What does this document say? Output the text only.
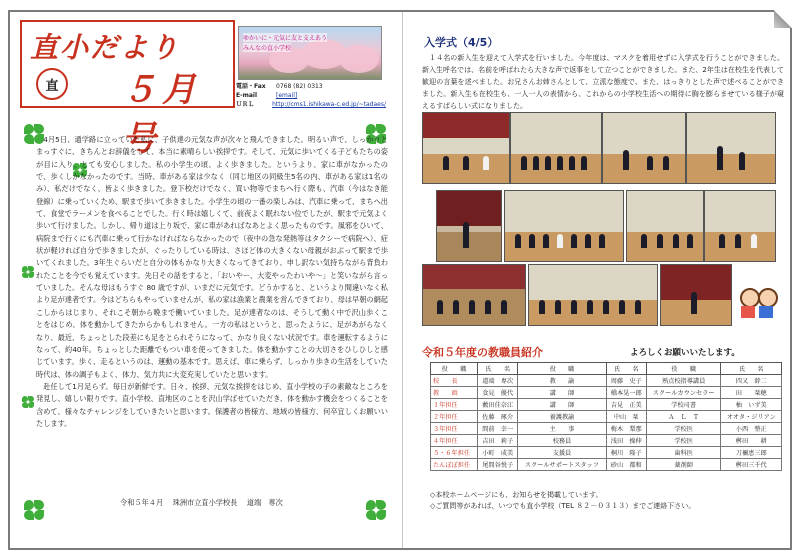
直小だより
直 ５月号
ゆかいに・元気に友と支えあう
みんなの直小学校
電話・Fax	0768 (82) 0313
E-mail	[email]
ＵＲＬ	http://cms1.ishikawa-c.ed.jp/~tadaes/

4月5日、通学路に立っていた私に、子供達の元気な声が次々と飛んできました。明るい声で、しっかりとまっすぐに、きちんとお辞儀をして、本当に素晴らしい挨拶です。そして、元気に歩いてくる子どもたちの姿が目に入り、とても安心しました。私の小学生の頃、よく歩きました。というより、家に車がなかったので、歩くしかなかったのです。当時、車がある家は少なく（同じ地区の同級生5名の内、車がある家は1名のみ）、私だけでなく、皆よく歩きました。登下校だけでなく、買い物等でまちへ行く際も、汽車（今はなき能登線）に乗っていくため、駅まで歩いて歩きました。小学生の頃の一番の楽しみは、汽車に乗って、まちへ出て、食堂でラーメンを食べることでした。行く時は嬉しくて、前夜よく眠れない位でしたが、駅まで元気よく歩いて行けました。しかし、帰り道は上り坂で、家に車があればなあとよく思ったものです。風邪をひいて、病院まで行くにも汽車に乗って行かなければならなかったので（夜中の急な発熱等はタクシーで病院へ）、症状が軽ければ自分で歩きましたが、ぐったりしている時は、さほど体の大きくない母親がおぶって駅まで歩いてくれました。3年生ぐらいだと自分の体もかなり大きくなってきており、申し訳ない気持ちながら背負われたことを今でも覚えています。先日その話をすると、「おいやー、大変やったわいや〜」と笑いながら言っていました。そんな母はもうすぐ 80 歳ですが、いまだに元気です。どうかすると、というより間違いなく私より足が達者です。今はどちらもやっていませんが、私の家は漁業と農業を営んできており、母は早朝の網起こしからはじまり、それこそ朝から晩まで働いていました。足が達者なのは、そうして動く中で沢山歩くことをはじめ、体を動かしてきたからかもしれません。一方の私はというと、思ったように、足があがらなくなり、最近、ちょっとした段差にも足をとられそうになって、かなり良くない状況です。車を運転するようになって、約40年。ちょっとした距離でもつい車を使ってきました。体を動かすことの大切さをひしひしと感じています。歩く、走るというのは、運動の基本です。思えば、車に乗らず、しっかり歩きの生活をしていた時代は、体の調子もよく、体力、気力共に大変充実していたと思います。

赴任して1月足らず。毎日が新鮮です。日々、挨拶、元気な挨拶をはじめ、直小学校の子の素敵なところを発見し、嬉しい限りです。直小学校、直地区のことを沢山学ばせていただき、体を動かす機会をつくることを含めて、様々なチャレンジをしていきたいと思います。保護者の皆様方、地域の皆様方、何卒宜しくお願いいたします。

令和５年４月　 珠洲市立直小学校長　 道端　専次
入学式（4/5）

１４名の新入生を迎えて入学式を行いました。今年度は、マスクを着用せずに入学式を行うことができました。新入生呼名では、名前を呼ばれたら大きな声で返事をして立つことができました。また、2年生は在校生を代表して歓迎の言葉を述べました。お兄さんお姉さんとして、立派な態度で、また、はっきりとした声で述べることができました。新入生も在校生も、一人一人の表情から、これからの小学校生活への期待に胸を膨らませている様子が窺えるすばらしい式になりました。

令和５年度の教職員紹介	よろしくお願いいたします。
役　　職	氏　　名	役　　職	氏　　名	役　　職	氏　　名
校　　長	道端　専次	教　　諭	周藤　史子	熟点校指導講員	四又　幹二
教　　頭	食見　優代	講　　師	橋本晃一郎	スクールカウンセラー	田　　栞穂
１年担任	藪田佳奈江	講　　師	吉見　正美	学校司書	柚　いず美
２年担任	佐藤　琢介	養護教諭	中山　栞	Ａ　Ｌ　Ｔ	オオタ・ジリアン
３年担任	間前　幸一	主　　事	梅木　梨那	学校医	小西　整正
４年担任	吉田　莉子	校務員	浅田　操伸	学校医	桝田　　耕
５・６年担任	小町　成美	支援員	桐川　隆子	歯科医	刀禰恵三郎
たんぽぽ担任	尾間谷悦子	スクールサポートスタッフ	砂山　都和	薬剤師	桝田三千代
◇本校ホームページにも、お知らせを掲載しています。
◇ご質問等があれば、いつでも直小学校（TEL ８２－０３１３）までご連絡下さい。
